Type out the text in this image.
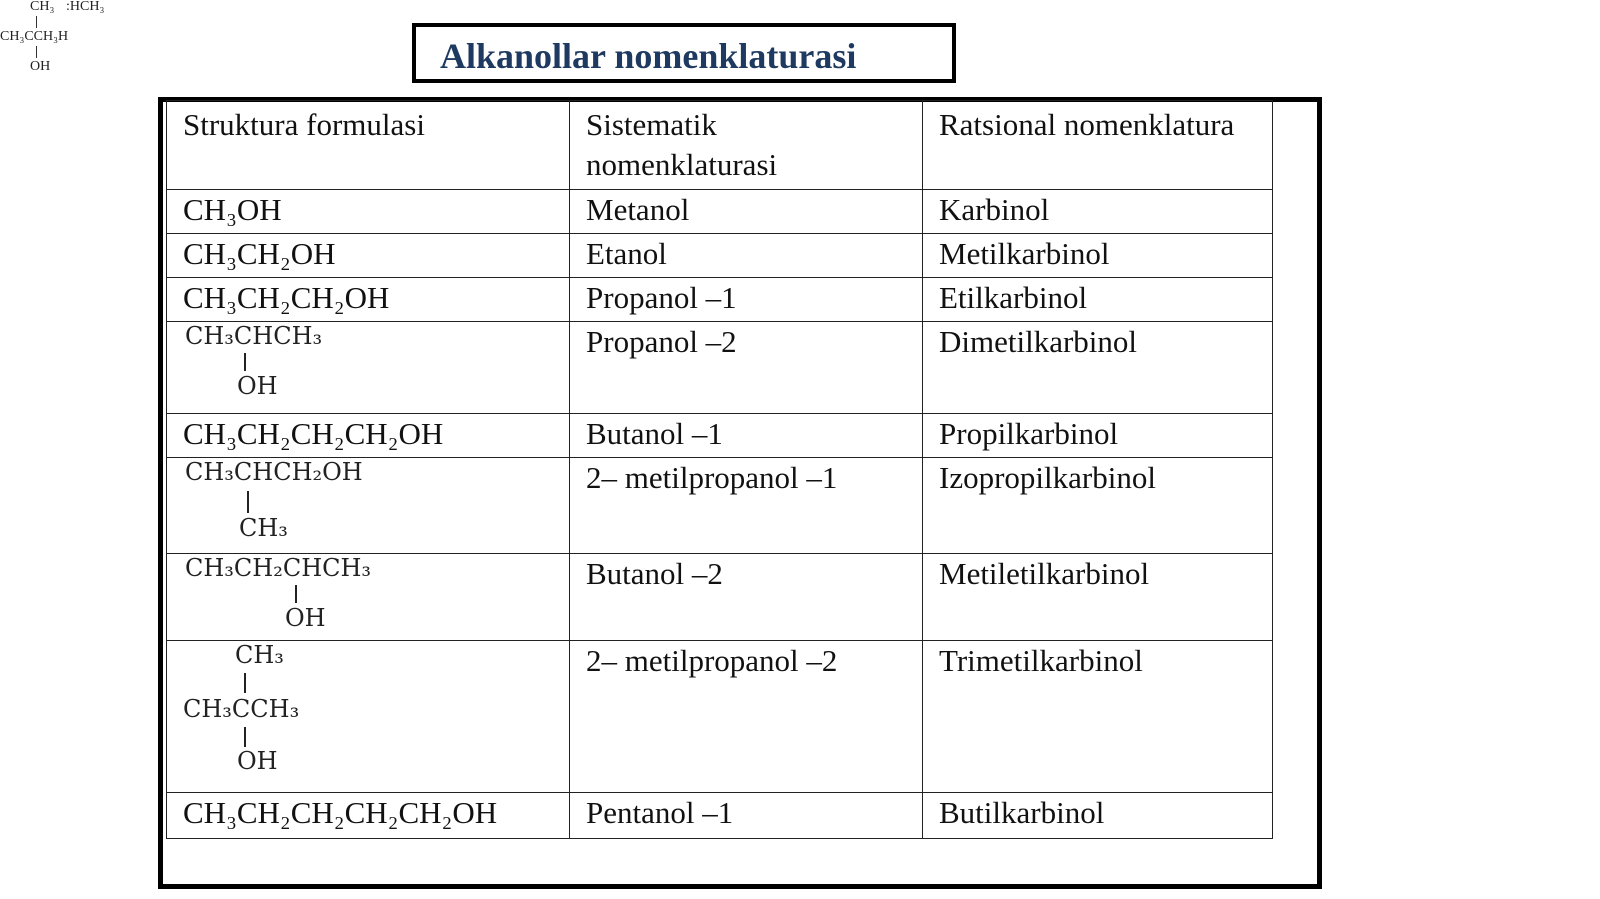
CH₃ :HCH₃
CH₃CCH₃H
OH	Alkanollar nomenklaturasi
Struktura formulasi	Sistematik nomenklaturasi	Ratsional nomenklatura
CH₃OH	Metanol	Karbinol
CH₃CH₂OH	Etanol	Metilkarbinol
CH₃CH₂CH₂OH	Propanol –1	Etilkarbinol

CH₃CHCH₃
OH	Propanol –2	Dimetilkarbinol
CH₃CH₂CH₂CH₂OH	Butanol –1	Propilkarbinol

CH₃CHCH₂OH
CH₃	2– metilpropanol –1	Izopropilkarbinol

CH₃CH₂CHCH₃
OH	Butanol –2	Metiletilkarbinol

CH₃
CH₃CCH₃
OH	2– metilpropanol –2	Trimetilkarbinol
CH₃CH₂CH₂CH₂CH₂OH	Pentanol –1	Butilkarbinol
